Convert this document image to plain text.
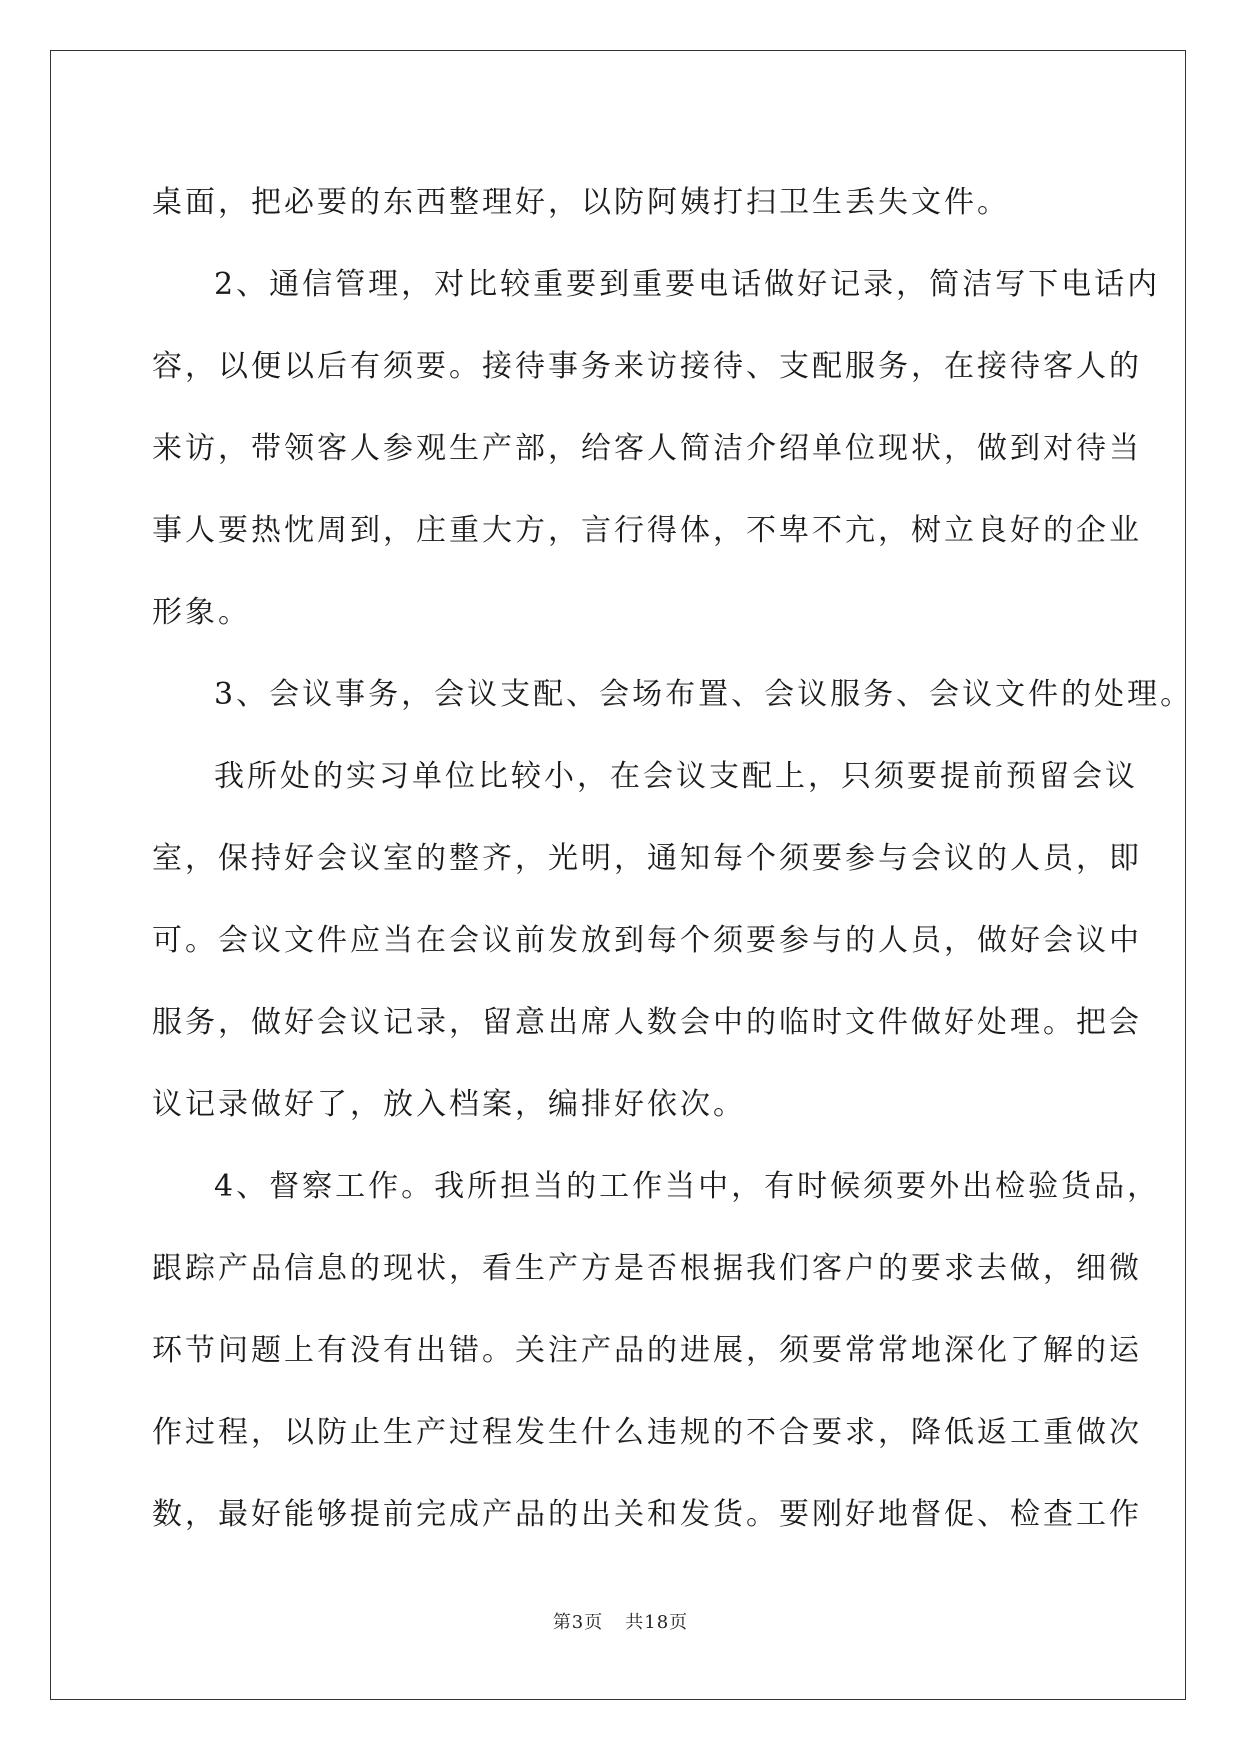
桌面，把必要的东西整理好，以防阿姨打扫卫生丢失文件。
2、通信管理，对比较重要到重要电话做好记录，简洁写下电话内
容，以便以后有须要。接待事务来访接待、支配服务，在接待客人的
来访，带领客人参观生产部，给客人简洁介绍单位现状，做到对待当
事人要热忱周到，庄重大方，言行得体，不卑不亢，树立良好的企业
形象。
3、会议事务，会议支配、会场布置、会议服务、会议文件的处理。
我所处的实习单位比较小，在会议支配上，只须要提前预留会议
室，保持好会议室的整齐，光明，通知每个须要参与会议的人员，即
可。会议文件应当在会议前发放到每个须要参与的人员，做好会议中
服务，做好会议记录，留意出席人数会中的临时文件做好处理。把会
议记录做好了，放入档案，编排好依次。
4、督察工作。我所担当的工作当中，有时候须要外出检验货品，
跟踪产品信息的现状，看生产方是否根据我们客户的要求去做，细微
环节问题上有没有出错。关注产品的进展，须要常常地深化了解的运
作过程，以防止生产过程发生什么违规的不合要求，降低返工重做次
数，最好能够提前完成产品的出关和发货。要刚好地督促、检查工作
第3页 共18页
